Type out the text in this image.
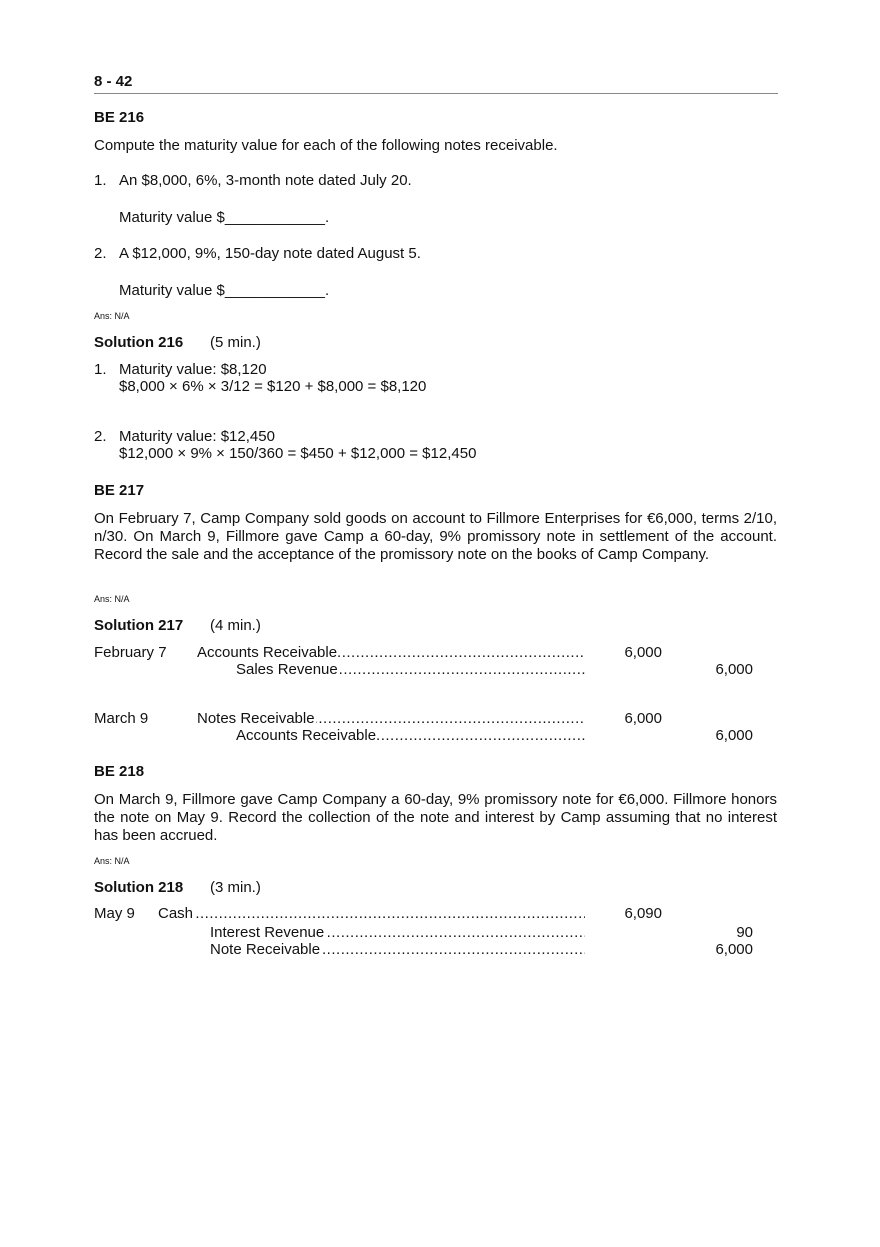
8 - 42
BE 216
Compute the maturity value for each of the following notes receivable.
1. An $8,000, 6%, 3-month note dated July 20.
Maturity value $____________.
2. A $12,000, 9%, 150-day note dated August 5.
Maturity value $____________.
Ans: N/A
Solution 216 (5 min.)
1. Maturity value: $8,120
$8,000 × 6% × 3/12 = $120 + $8,000 = $8,120
2. Maturity value: $12,450
$12,000 × 9% × 150/360 = $450 + $12,000 = $12,450
BE 217
On February 7, Camp Company sold goods on account to Fillmore Enterprises for €6,000, terms 2/10, n/30. On March 9, Fillmore gave Camp a 60-day, 9% promissory note in settlement of the account. Record the sale and the acceptance of the promissory note on the books of Camp Company.
Ans: N/A
Solution 217 (4 min.)
February 7 Accounts Receivable .....	6,000
Sales Revenue .....	6,000
March 9	Notes Receivable .....	6,000
Accounts Receivable .....	6,000
BE 218
On March 9, Fillmore gave Camp Company a 60-day, 9% promissory note for €6,000. Fillmore honors the note on May 9. Record the collection of the note and interest by Camp assuming that no interest has been accrued.
Ans: N/A
Solution 218 (3 min.)
May 9 Cash .....	6,090
Interest Revenue .....	90
Note Receivable .....	6,000
